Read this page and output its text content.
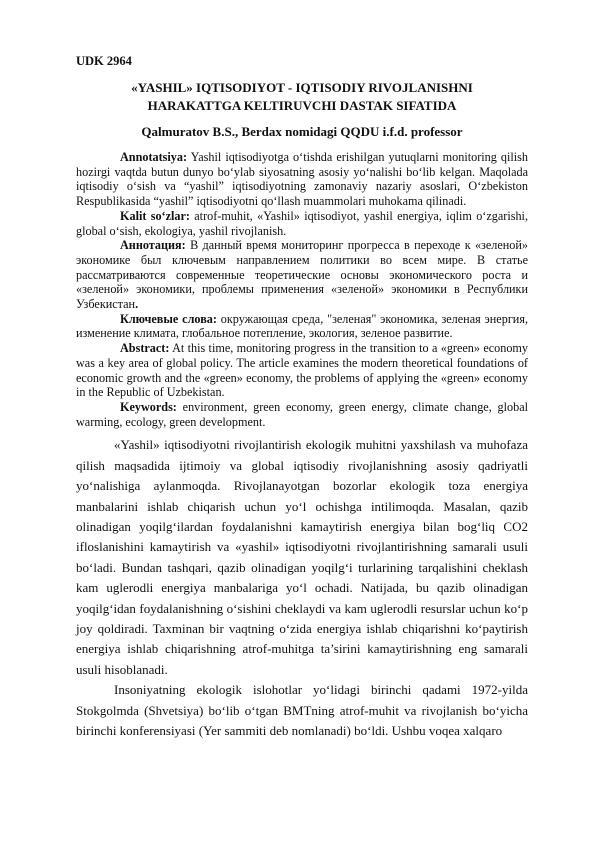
UDK 2964
«YASHIL» IQTISODIYOT - IQTISODIY RIVOJLANISHNI
HARAKATTGA KELTIRUVCHI DASTAK SIFATIDA
Qalmuratov B.S., Berdax nomidagi QQDU i.f.d. professor

Annotatsiya: Yashil iqtisodiyotga o‘tishda erishilgan yutuqlarni monitoring qilish hozirgi vaqtda butun dunyo bo‘ylab siyosatning asosiy yo‘nalishi bo‘lib kelgan. Maqolada iqtisodiy o‘sish va “yashil” iqtisodiyotning zamonaviy nazariy asoslari, O‘zbekiston Respublikasida “yashil” iqtisodiyotni qo‘llash muammolari muhokama qilinadi.

Kalit so‘zlar: atrof-muhit, «Yashil» iqtisodiyot, yashil energiya, iqlim o‘zgarishi, global o‘sish, ekologiya, yashil rivojlanish.

Аннотация: В данный время мониторинг прогресса в переходе к «зеленой» экономике был ключевым направлением политики во всем мире. В статье рассматриваются современные теоретические основы экономического роста и «зеленой» экономики, проблемы применения «зеленой» экономики в Республики Узбекистан.

Ключевые слова: окружающая среда, "зеленая" экономика, зеленая энергия, изменение климата, глобальное потепление, экология, зеленое развитие.

Abstract: At this time, monitoring progress in the transition to a «green» economy was a key area of global policy. The article examines the modern theoretical foundations of economic growth and the «green» economy, the problems of applying the «green» economy in the Republic of Uzbekistan.

Keywords: environment, green economy, green energy, climate change, global warming, ecology, green development.

«Yashil» iqtisodiyotni rivojlantirish ekologik muhitni yaxshilash va muhofaza qilish maqsadida ijtimoiy va global iqtisodiy rivojlanishning asosiy qadriyatli yo‘nalishiga aylanmoqda. Rivojlanayotgan bozorlar ekologik toza energiya manbalarini ishlab chiqarish uchun yo‘l ochishga intilimoqda. Masalan, qazib olinadigan yoqilg‘ilardan foydalanishni kamaytirish energiya bilan bog‘liq CO2 ifloslanishini kamaytirish va «yashil» iqtisodiyotni rivojlantirishning samarali usuli bo‘ladi. Bundan tashqari, qazib olinadigan yoqilg‘i turlarining tarqalishini cheklash kam uglerodli energiya manbalariga yo‘l ochadi. Natijada, bu qazib olinadigan yoqilg‘idan foydalanishning o‘sishini cheklaydi va kam uglerodli resurslar uchun ko‘p joy qoldiradi. Taxminan bir vaqtning o‘zida energiya ishlab chiqarishni ko‘paytirish energiya ishlab chiqarishning atrof-muhitga ta’sirini kamaytirishning eng samarali usuli hisoblanadi.

Insoniyatning ekologik islohotlar yo‘lidagi birinchi qadami 1972-yilda Stokgolmda (Shvetsiya) bo‘lib o‘tgan BMTning atrof-muhit va rivojlanish bo‘yicha birinchi konferensiyasi (Yer sammiti deb nomlanadi) bo‘ldi. Ushbu voqea xalqaro
